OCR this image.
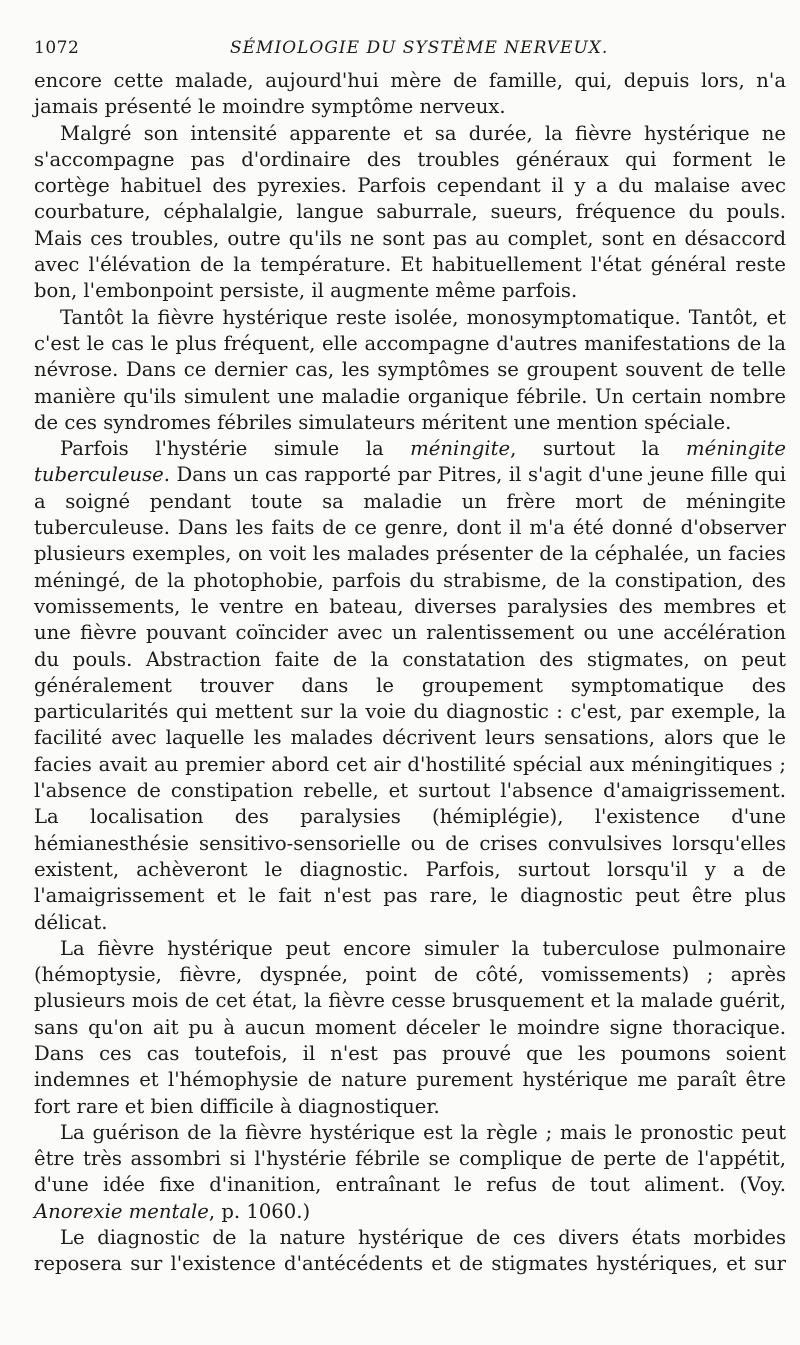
1072	SÉMIOLOGIE DU SYSTÈME NERVEUX.

encore cette malade, aujourd'hui mère de famille, qui, depuis lors, n'a jamais présenté le moindre symptôme nerveux.

Malgré son intensité apparente et sa durée, la fièvre hystérique ne s'accompagne pas d'ordinaire des troubles généraux qui forment le cortège habituel des pyrexies. Parfois cependant il y a du malaise avec courbature, céphalalgie, langue saburrale, sueurs, fréquence du pouls. Mais ces troubles, outre qu'ils ne sont pas au complet, sont en désaccord avec l'élévation de la température. Et habituellement l'état général reste bon, l'embonpoint persiste, il augmente même parfois.

Tantôt la fièvre hystérique reste isolée, monosymptomatique. Tantôt, et c'est le cas le plus fréquent, elle accompagne d'autres manifestations de la névrose. Dans ce dernier cas, les symptômes se groupent souvent de telle manière qu'ils simulent une maladie organique fébrile. Un certain nombre de ces syndromes fébriles simulateurs méritent une mention spéciale.

Parfois l'hystérie simule la méningite, surtout la méningite tuberculeuse. Dans un cas rapporté par Pitres, il s'agit d'une jeune fille qui a soigné pendant toute sa maladie un frère mort de méningite tuberculeuse. Dans les faits de ce genre, dont il m'a été donné d'observer plusieurs exemples, on voit les malades présenter de la céphalée, un facies méningé, de la photophobie, parfois du strabisme, de la constipation, des vomissements, le ventre en bateau, diverses paralysies des membres et une fièvre pouvant coïncider avec un ralentissement ou une accélération du pouls. Abstraction faite de la constatation des stigmates, on peut généralement trouver dans le groupement symptomatique des particularités qui mettent sur la voie du diagnostic : c'est, par exemple, la facilité avec laquelle les malades décrivent leurs sensations, alors que le facies avait au premier abord cet air d'hostilité spécial aux méningitiques ; l'absence de constipation rebelle, et surtout l'absence d'amaigrissement. La localisation des paralysies (hémiplégie), l'existence d'une hémianesthésie sensitivo-sensorielle ou de crises convulsives lorsqu'elles existent, achèveront le diagnostic. Parfois, surtout lorsqu'il y a de l'amaigrissement et le fait n'est pas rare, le diagnostic peut être plus délicat.

La fièvre hystérique peut encore simuler la tuberculose pulmonaire (hémoptysie, fièvre, dyspnée, point de côté, vomissements) ; après plusieurs mois de cet état, la fièvre cesse brusquement et la malade guérit, sans qu'on ait pu à aucun moment déceler le moindre signe thoracique. Dans ces cas toutefois, il n'est pas prouvé que les poumons soient indemnes et l'hémophysie de nature purement hystérique me paraît être fort rare et bien difficile à diagnostiquer.

La guérison de la fièvre hystérique est la règle ; mais le pronostic peut être très assombri si l'hystérie fébrile se complique de perte de l'appétit, d'une idée fixe d'inanition, entraînant le refus de tout aliment. (Voy. Anorexie mentale, p. 1060.)

Le diagnostic de la nature hystérique de ces divers états morbides reposera sur l'existence d'antécédents et de stigmates hystériques, et sur
